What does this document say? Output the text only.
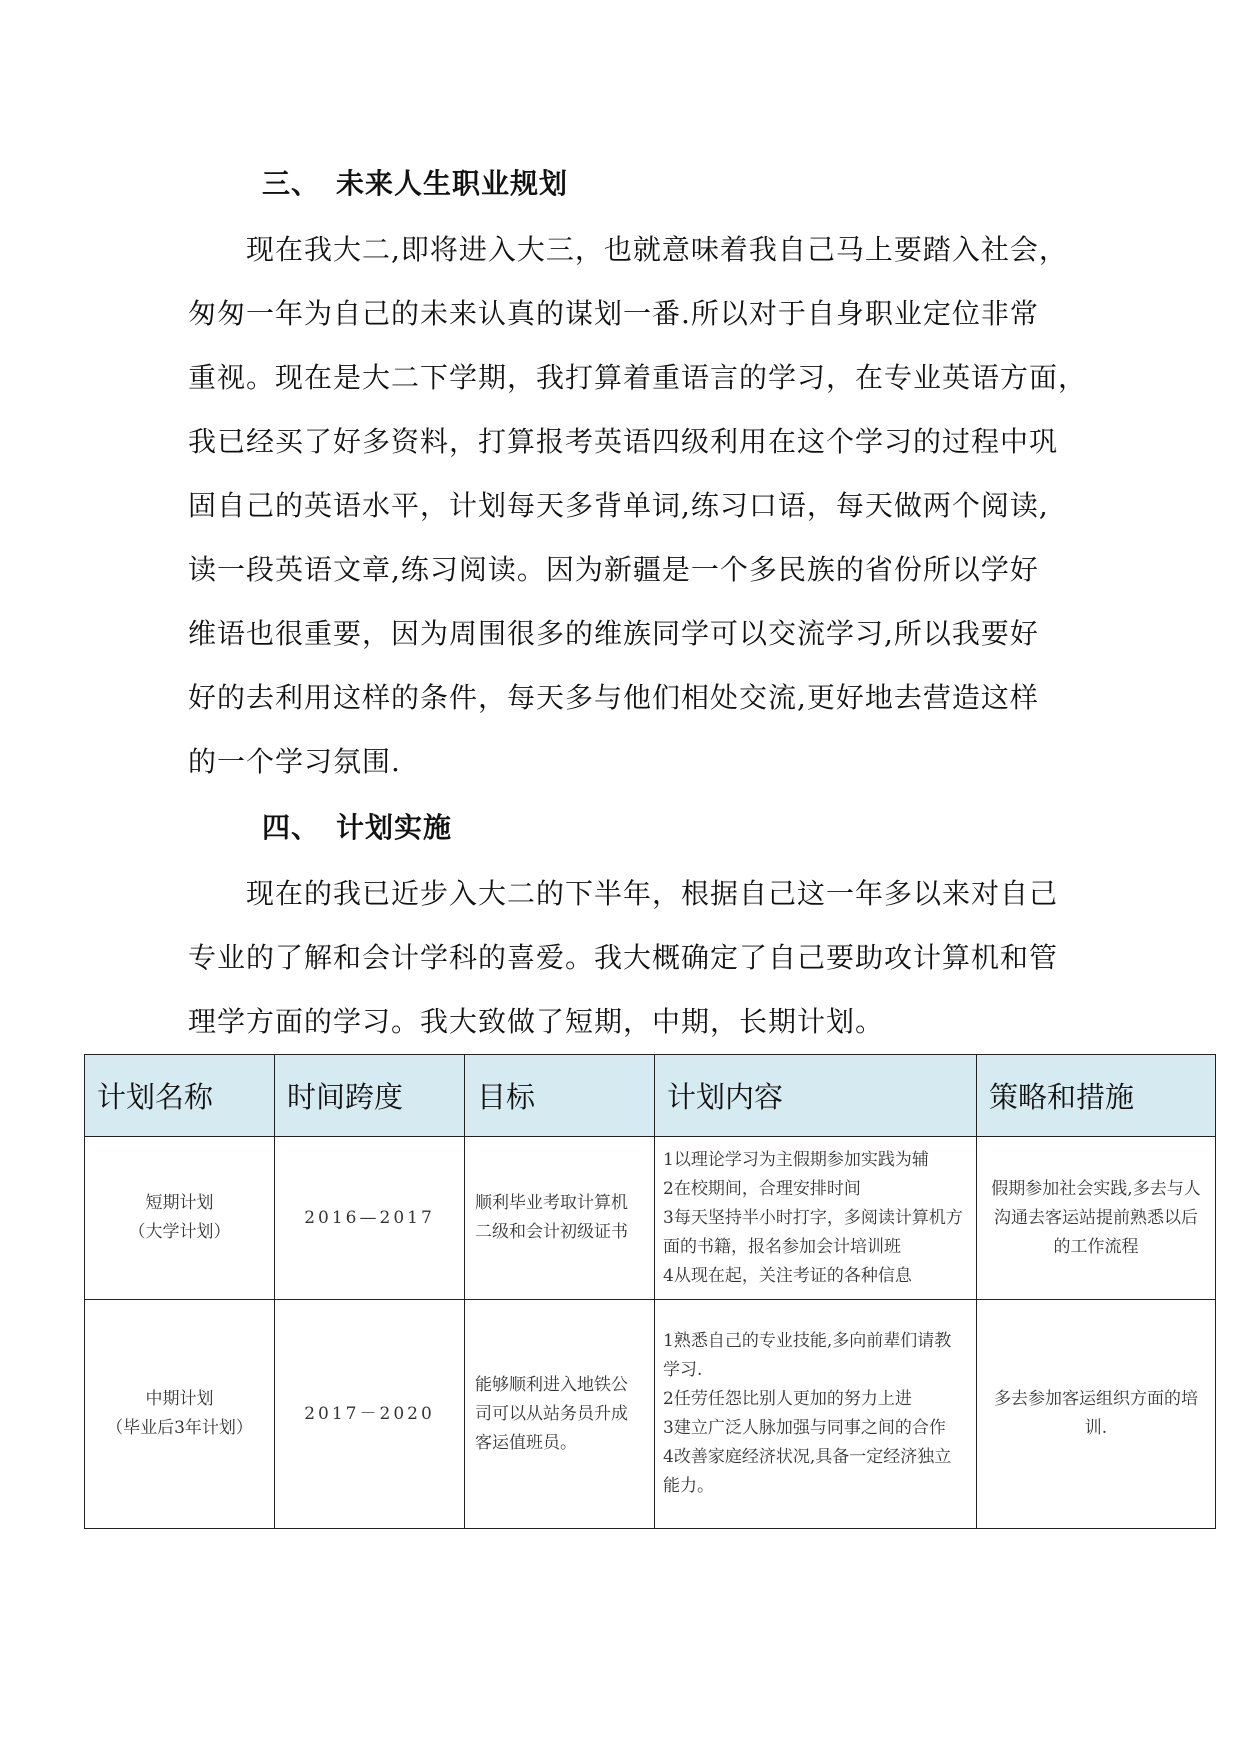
三、 未来人生职业规划
现在我大二,即将进入大三，也就意味着我自己马上要踏入社会，
匆匆一年为自己的未来认真的谋划一番.所以对于自身职业定位非常
重视。现在是大二下学期，我打算着重语言的学习，在专业英语方面，
我已经买了好多资料，打算报考英语四级利用在这个学习的过程中巩
固自己的英语水平，计划每天多背单词,练习口语，每天做两个阅读,
读一段英语文章,练习阅读。因为新疆是一个多民族的省份所以学好
维语也很重要，因为周围很多的维族同学可以交流学习,所以我要好
好的去利用这样的条件，每天多与他们相处交流,更好地去营造这样
的一个学习氛围.
四、 计划实施
现在的我已近步入大二的下半年，根据自己这一年多以来对自己
专业的了解和会计学科的喜爱。我大概确定了自己要助攻计算机和管
理学方面的学习。我大致做了短期，中期，长期计划。
计划名称	时间跨度	目标	计划内容	策略和措施

短期计划
（大学计划）	2016—2017	顺利毕业考取计算机二级和会计初级证书	1以理论学习为主假期参加实践为辅
2在校期间，合理安排时间
3每天坚持半小时打字，多阅读计算机方面的书籍，报名参加会计培训班
4从现在起，关注考证的各种信息	假期参加社会实践,多去与人沟通去客运站提前熟悉以后的工作流程

中期计划
（毕业后3年计划）	2017－2020	能够顺利进入地铁公司可以从站务员升成客运值班员。	1熟悉自己的专业技能,多向前辈们请教学习.
2任劳任怨比别人更加的努力上进
3建立广泛人脉加强与同事之间的合作
4改善家庭经济状况,具备一定经济独立能力。	多去参加客运组织方面的培训.
